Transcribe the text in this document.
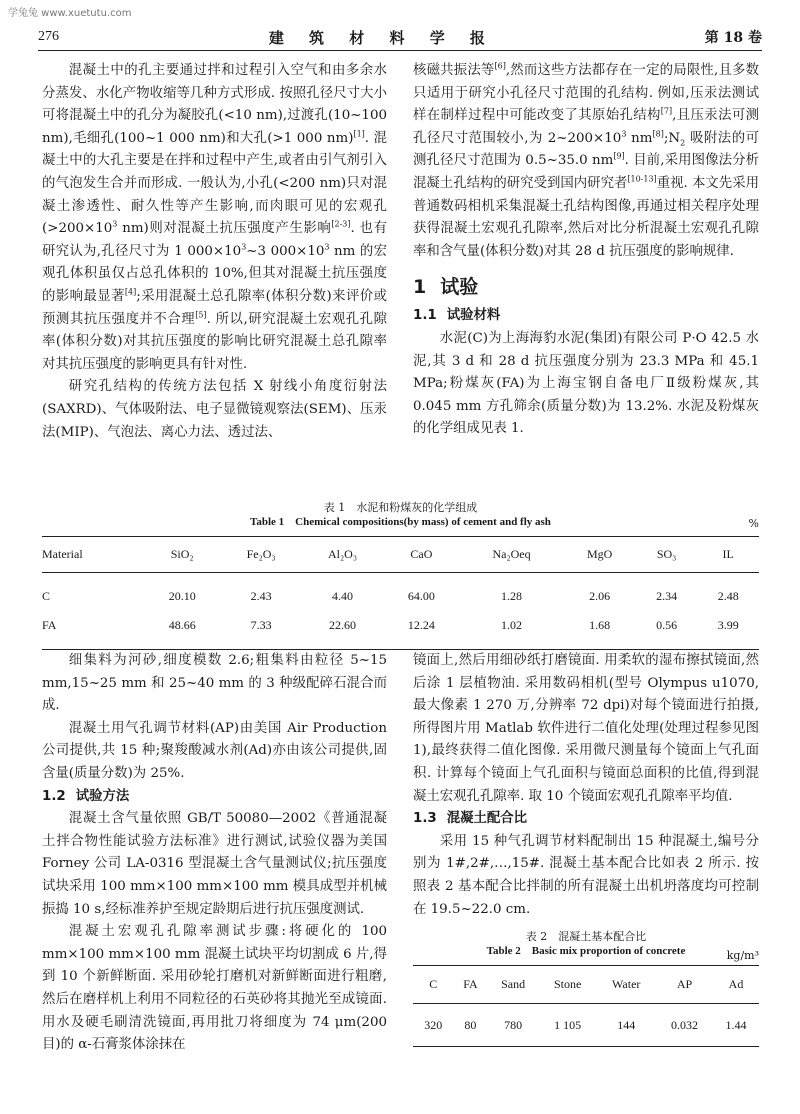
学兔兔 www.xuetutu.com
276	建 筑 材 料 学 报	第 18 卷

混凝土中的孔主要通过拌和过程引入空气和由多余水分蒸发、水化产物收缩等几种方式形成. 按照孔径尺寸大小可将混凝土中的孔分为凝胶孔(<10 nm),过渡孔(10~100 nm),毛细孔(100~1 000 nm)和大孔(>1 000 nm)[1]. 混凝土中的大孔主要是在拌和过程中产生,或者由引气剂引入的气泡发生合并而形成. 一般认为,小孔(<200 nm)只对混凝土渗透性、耐久性等产生影响,而肉眼可见的宏观孔($>200\times 10^3$ nm)则对混凝土抗压强度产生影响[2-3]. 也有研究认为,孔径尺寸为 1 $000\times 10^3\sim 3$ $000\times 10^3$ nm 的宏观孔体积虽仅占总孔体积的 10%,但其对混凝土抗压强度的影响最显著[4];采用混凝土总孔隙率(体积分数)来评价或预测其抗压强度并不合理[5]. 所以,研究混凝土宏观孔孔隙率(体积分数)对其抗压强度的影响比研究混凝土总孔隙率对其抗压强度的影响更具有针对性.

研究孔结构的传统方法包括 X 射线小角度衍射法(SAXRD)、气体吸附法、电子显微镜观察法(SEM)、压汞法(MIP)、气泡法、离心力法、透过法、

核磁共振法等[6],然而这些方法都存在一定的局限性,且多数只适用于研究小孔径尺寸范围的孔结构. 例如,压汞法测试样在制样过程中可能改变了其原始孔结构[7],且压汞法可测孔径尺寸范围较小,为 $2\sim 200\times 10^3$ $nm[8];N_2$ 吸附法的可测孔径尺寸范围为 0.5~35.0 nm[9]. 目前,采用图像法分析混凝土孔结构的研究受到国内研究者[10-13]重视. 本文先采用普通数码相机采集混凝土孔结构图像,再通过相关程序处理获得混凝土宏观孔孔隙率,然后对比分析混凝土宏观孔孔隙率和含气量(体积分数)对其 28 d 抗压强度的影响规律.

1 试验
1.1 试验材料

水泥(C)为上海海豹水泥(集团)有限公司 P·O 42.5 水泥,其 3 d 和 28 d 抗压强度分别为 23.3 MPa 和 45.1 MPa;粉煤灰(FA)为上海宝钢自备电厂Ⅱ级粉煤灰,其 0.045 mm 方孔筛余(质量分数)为 13.2%. 水泥及粉煤灰的化学组成见表 1.

表 1　水泥和粉煤灰的化学组成
Table 1　Chemical compositions(by mass) of cement and fly ash	%
Material	SiO₂	Fe₂O₃	Al₂O₃	CaO	Na₂Oeq	MgO	SO₃	IL
C	20.10	2.43	4.40	64.00	1.28	2.06	2.34	2.48
FA	48.66	7.33	22.60	12.24	1.02	1.68	0.56	3.99

细集料为河砂,细度模数 2.6;粗集料由粒径 5~15 mm,15~25 mm 和 25~40 mm 的 3 种级配碎石混合而成.

混凝土用气孔调节材料(AP)由美国 Air Production 公司提供,共 15 种;聚羧酸减水剂(Ad)亦由该公司提供,固含量(质量分数)为 25%.

1.2 试验方法

混凝土含气量依照 GB/T 50080—2002《普通混凝土拌合物性能试验方法标准》进行测试,试验仪器为美国 Forney 公司 LA-0316 型混凝土含气量测试仪;抗压强度试块采用 100 mm×100 mm×100 mm 模具成型并机械振捣 10 s,经标准养护至规定龄期后进行抗压强度测试.

混凝土宏观孔孔隙率测试步骤:将硬化的 100 mm×100 mm×100 mm 混凝土试块平均切割成 6 片,得到 10 个新鲜断面. 采用砂轮打磨机对新鲜断面进行粗磨,然后在磨样机上利用不同粒径的石英砂将其抛光至成镜面. 用水及硬毛刷清洗镜面,再用批刀将细度为 74 μm(200 目)的 α-石膏浆体涂抹在

镜面上,然后用细砂纸打磨镜面. 用柔软的湿布擦拭镜面,然后涂 1 层植物油. 采用数码相机(型号 Olympus u1070,最大像素 1 270 万,分辨率 72 dpi)对每个镜面进行拍摄,所得图片用 Matlab 软件进行二值化处理(处理过程参见图 1),最终获得二值化图像. 采用微尺测量每个镜面上气孔面积. 计算每个镜面上气孔面积与镜面总面积的比值,得到混凝土宏观孔孔隙率. 取 10 个镜面宏观孔孔隙率平均值.

1.3 混凝土配合比

采用 15 种气孔调节材料配制出 15 种混凝土,编号分别为 1#,2#,…,15#. 混凝土基本配合比如表 2 所示. 按照表 2 基本配合比拌制的所有混凝土出机坍落度均可控制在 19.5~22.0 cm.

表 2　混凝土基本配合比
Table 2　Basic mix proportion of concrete	kg/m³
C	FA	Sand	Stone	Water	AP	Ad
320	80	780	1 105	144	0.032	1.44
